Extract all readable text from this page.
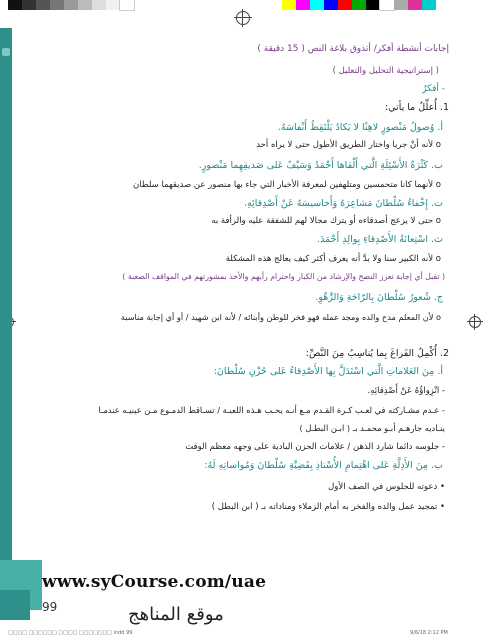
إجابات أنشطة أفكر/ أتذوق بلاغة النص ( 15 دقيقة )
( إستراتيجية التحليل والتعليل )
- أفكرُ
1. أُعلِّلُ ما يأتي:
أ. وُصولُ مَنْصورٍ لاهِثًا لا يَكادُ يَلْتَقِطُ أَنْفاسَهُ.
o لأنه أنْ جريا واختار الطريق الأطول حتى لا يراه أحد
ب. كَثْرَةُ الأَسْئِلَةِ الَّتي أَلْقاها أَحْمَدُ وَسَيْفٌ عَلى صَديقِهِما مَنْصورٍ.
o لأنهما كانا متحمسين ومتلهفين لمعرفة الأخبار التي جاء بها منصور عن صديقهما سلطان
ت. إِخْفاءُ سُلْطانَ مَشاعِرَهُ وَأَحاسيسَهُ عَنْ أَصْدِقائِهِ.
o حتى لا يزعج أصدقاءه أو يترك مجالا لهم للشفقة عليه والرأفة به
ث. اسْتِعانَةُ الأَصْدِقاءِ بِوالِدِ أَحْمَدَ.
o لأنه الكبير سنا ولا بدَّ أنه يعرف أكثر كيف يعالج هذه المشكلة
( تقبل أي إجابة تعزز النصح والإرشاد من الكبار واحترام رأيهم والأخذ بمشورتهم في المواقف الصعبة )
ج. شُعورُ سُلْطانَ بِالرّاحَةِ وَالزَّهْوِ.
o لأن المعلم مدح والده ومجد عمله فهو فخر للوطن وأبنائه / لأنه ابن شهيد / أو أي إجابة مناسبة
2. أُكْمِلُ الفَراغَ بِما يُناسِبُ مِنَ النَّصِّ:
أ. مِنَ العَلاماتِ الَّتي اسْتَدَلَّ بِها الأَصْدِقاءُ عَلى حُزْنِ سُلْطانَ:
- انْزِواؤُهُ عَنْ أَصْدِقائِهِ.
- عـدم مشـاركته في لعـب كـرة القـدم مـع أنـه يحـب هـذه اللعبـة / تسـاقط الدمـوع مـن عينيـه عندمـا
ينـاديه جارهـم أبـو محمـد بـ ( ابـن البطـل )
- جلوسه دائما شارد الذهن / علامات الحزن البادية على وجهه معظم الوقت
ب. مِنَ الأَدِلَّةِ عَلى اهْتِمامِ الأُسْتاذِ بِقَضِيَّةِ سُلْطانَ وَمُواساتِهِ لَهُ:
• دعوته للجلوس في الصف الأول
• تمجيد عمل والده والفخر به أمام الزملاء ومناداته بـ ( ابن البطل )
www.syCourse.com/uae
99	موقع المناهج
□□□□ □□□□□□ □□□□ □□□□□□□ indd 99	9/6/18 2:12 PM
